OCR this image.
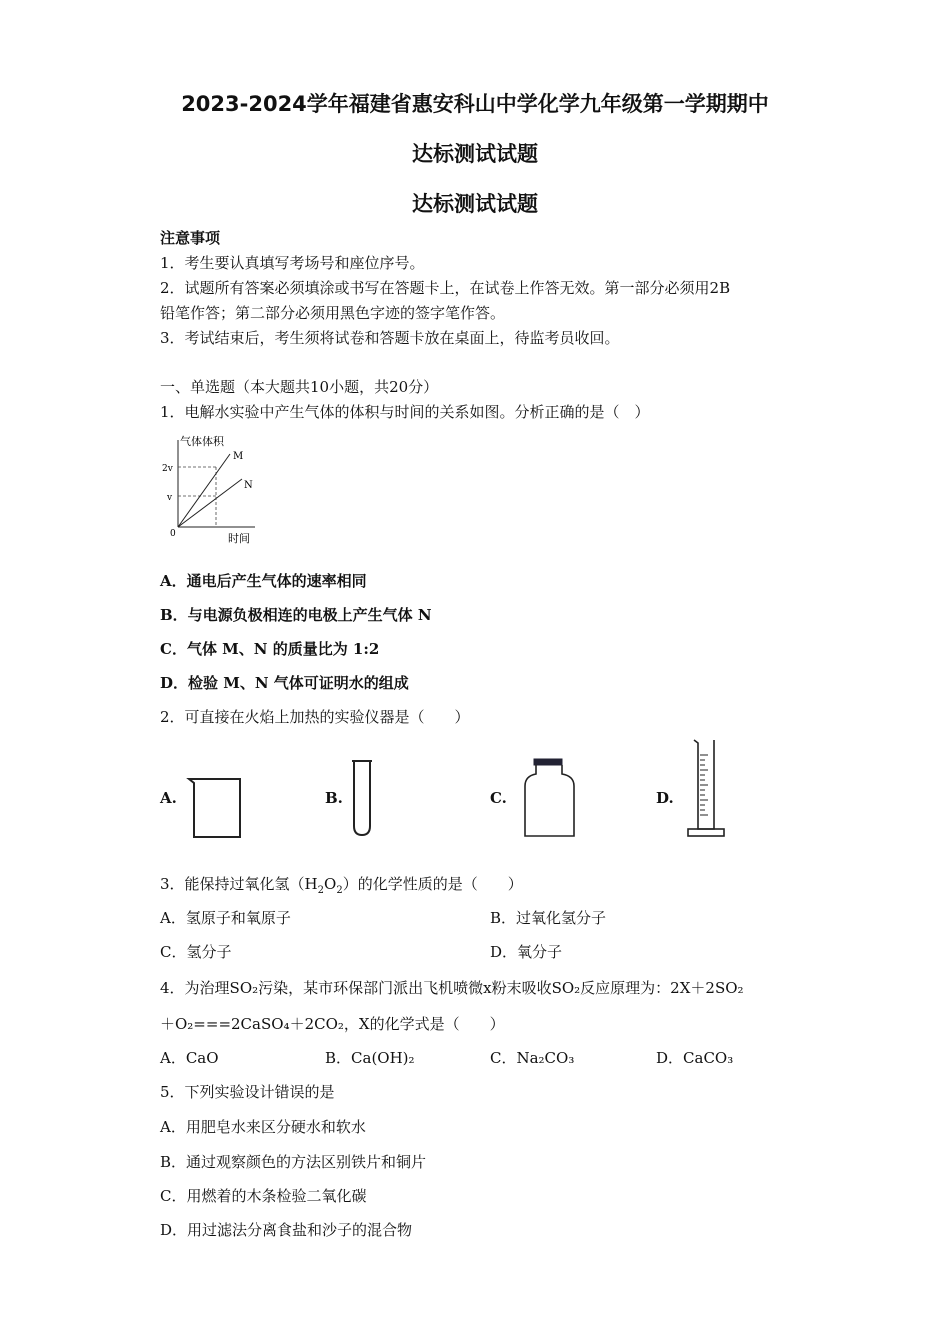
2023-2024学年福建省惠安科山中学化学九年级第一学期期中
达标测试试题
达标测试试题
注意事项
1．考生要认真填写考场号和座位序号。
2．试题所有答案必须填涂或书写在答题卡上，在试卷上作答无效。第一部分必须用2B
铅笔作答；第二部分必须用黑色字迹的签字笔作答。
3．考试结束后，考生须将试卷和答题卡放在桌面上，待监考员收回。
一、单选题（本大题共10小题，共20分）
1．电解水实验中产生气体的体积与时间的关系如图。分析正确的是（　）
气体体积
2v
v
0
M
N
时间
A．通电后产生气体的速率相同
B．与电源负极相连的电极上产生气体 N
C．气体 M、N 的质量比为 1:2
D．检验 M、N 气体可证明水的组成
2．可直接在火焰上加热的实验仪器是（　　）
A.	B.	C.	D.
3．能保持过氧化氢$(H_2O_2)$的化学性质的是（　　）
A．氢原子和氧原子	B．过氧化氢分子
C．氢分子	D．氧分子
4．为治理SO₂污染，某市环保部门派出飞机喷微x粉末吸收SO₂反应原理为：2X＋2SO₂
＋O₂===2CaSO₄＋2CO₂，X的化学式是（　　）
A．CaO	B．Ca(OH)₂	C．Na₂CO₃	D．CaCO₃
5．下列实验设计错误的是
A．用肥皂水来区分硬水和软水
B．通过观察颜色的方法区别铁片和铜片
C．用燃着的木条检验二氧化碳
D．用过滤法分离食盐和沙子的混合物
